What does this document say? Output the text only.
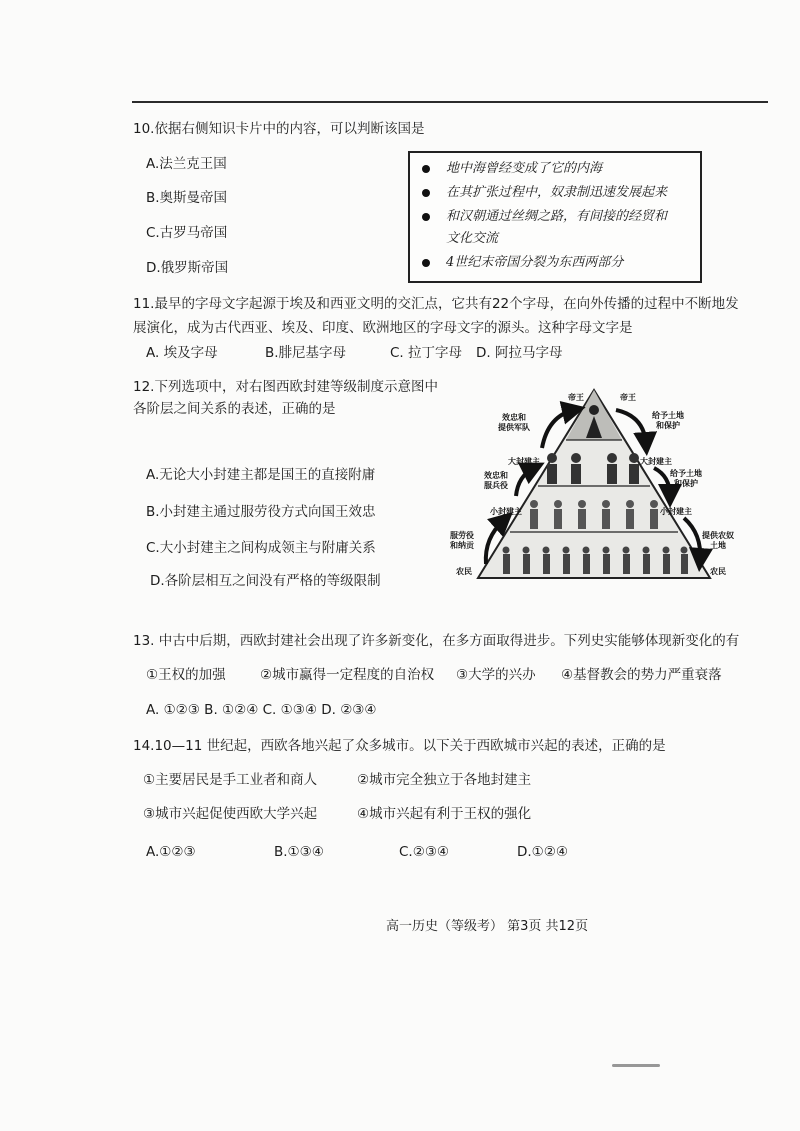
10.依据右侧知识卡片中的内容，可以判断该国是
A.法兰克王国
B.奥斯曼帝国
C.古罗马帝国
D.俄罗斯帝国
地中海曾经变成了它的内海
在其扩张过程中，奴隶制迅速发展起来
和汉朝通过丝绸之路，有间接的经贸和
文化交流
4世纪末帝国分裂为东西两部分
11.最早的字母文字起源于埃及和西亚文明的交汇点，它共有22个字母，在向外传播的过程中不断地发
展演化，成为古代西亚、埃及、印度、欧洲地区的字母文字的源头。这种字母文字是
A. 埃及字母	B.腓尼基字母	C. 拉丁字母 D. 阿拉马字母
12.下列选项中，对右图西欧封建等级制度示意图中
各阶层之间关系的表述，正确的是
A.无论大小封建主都是国王的直接附庸
B.小封建主通过服劳役方式向国王效忠
C.大小封建主之间构成领主与附庸关系
D.各阶层相互之间没有严格的等级限制
帝王	帝王
效忠和
提供军队
给予土地
和保护
大封建主	大封建主
效忠和
服兵役
给予土地
和保护
小封建主	小封建主
服劳役
和纳贡
提供农奴
土地
农民	农民
13. 中古中后期，西欧封建社会出现了许多新变化，在多方面取得进步。下列史实能够体现新变化的有
①王权的加强	②城市赢得一定程度的自治权 ③大学的兴办 ④基督教会的势力严重衰落
A. ①②③ B. ①②④ C. ①③④ D. ②③④
14.10—11 世纪起，西欧各地兴起了众多城市。以下关于西欧城市兴起的表述，正确的是
①主要居民是手工业者和商人	②城市完全独立于各地封建主
③城市兴起促使西欧大学兴起	④城市兴起有利于王权的强化
A.①②③	B.①③④	C.②③④	D.①②④
高一历史（等级考） 第3页 共12页
